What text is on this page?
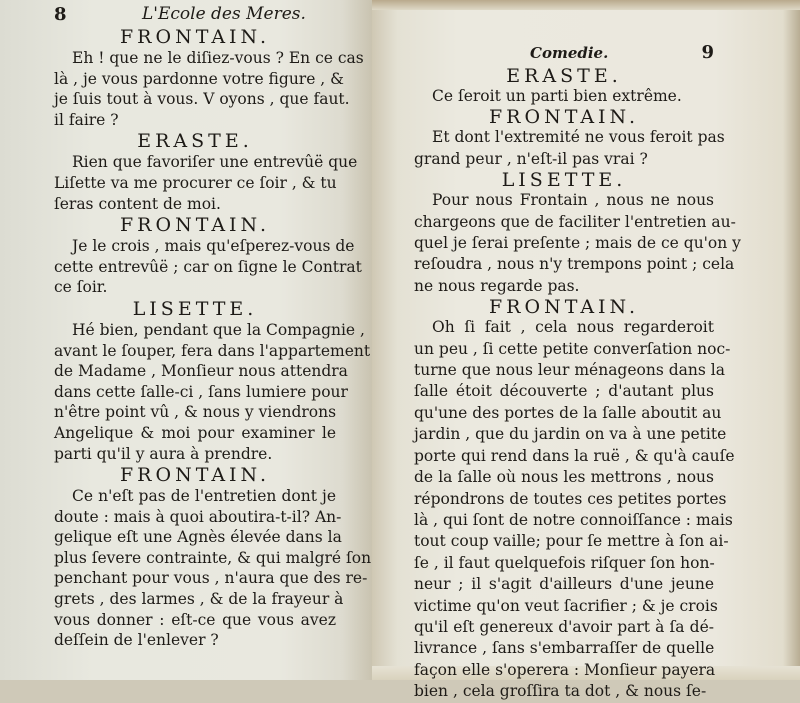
8	L'Ecole des Meres.

FRONTAIN.

Eh ! que ne le diſiez-vous ? En ce cas

là , je vous pardonne votre figure , &

je ſuis tout à vous. V oyons , que faut.

il faire ?

ERASTE.

Rien que favoriſer une entrevûë que

Liſette va me procurer ce ſoir , & tu

ſeras content de moi.

FRONTAIN.

Je le crois , mais qu'eſperez-vous de

cette entrevûë ; car on ſigne le Contrat

ce ſoir.

LISETTE.

Hé bien, pendant que la Compagnie ,

avant le ſouper, fera dans l'appartement

de Madame , Monſieur nous attendra

dans cette ſalle-ci , ſans lumiere pour

n'être point vû , & nous y viendrons

Angelique & moi pour examiner le

parti qu'il y aura à prendre.

FRONTAIN.

Ce n'eſt pas de l'entretien dont je

doute : mais à quoi aboutira-t-il? An-

gelique eſt une Agnès élevée dans la

plus ſevere contrainte, & qui malgré ſon

penchant pour vous , n'aura que des re-

grets , des larmes , & de la frayeur à

vous donner : eſt-ce que vous avez

deſſein de l'enlever ?

Comedie.	9

ERASTE.

Ce ſeroit un parti bien extrême.

FRONTAIN.

Et dont l'extremité ne vous feroit pas

grand peur , n'eſt-il pas vrai ?

LISETTE.

Pour nous Frontain , nous ne nous

chargeons que de faciliter l'entretien au-

quel je ſerai preſente ; mais de ce qu'on y

reſoudra , nous n'y trempons point ; cela

ne nous regarde pas.

FRONTAIN.

Oh ſi fait , cela nous regarderoit

un peu , ſi cette petite converſation noc-

turne que nous leur ménageons dans la

ſalle étoit découverte ; d'autant plus

qu'une des portes de la ſalle aboutit au

jardin , que du jardin on va à une petite

porte qui rend dans la ruë , & qu'à cauſe

de la ſalle où nous les mettrons , nous

répondrons de toutes ces petites portes

là , qui ſont de notre connoiſſance : mais

tout coup vaille; pour ſe mettre à ſon ai-

ſe , il faut quelquefois riſquer ſon hon-

neur ; il s'agit d'ailleurs d'une jeune

victime qu'on veut ſacrifier ; & je crois

qu'il eſt genereux d'avoir part à ſa dé-

livrance , ſans s'embarraſſer de quelle

façon elle s'operera : Monſieur payera

bien , cela groſſira ta dot , & nous ſe-
